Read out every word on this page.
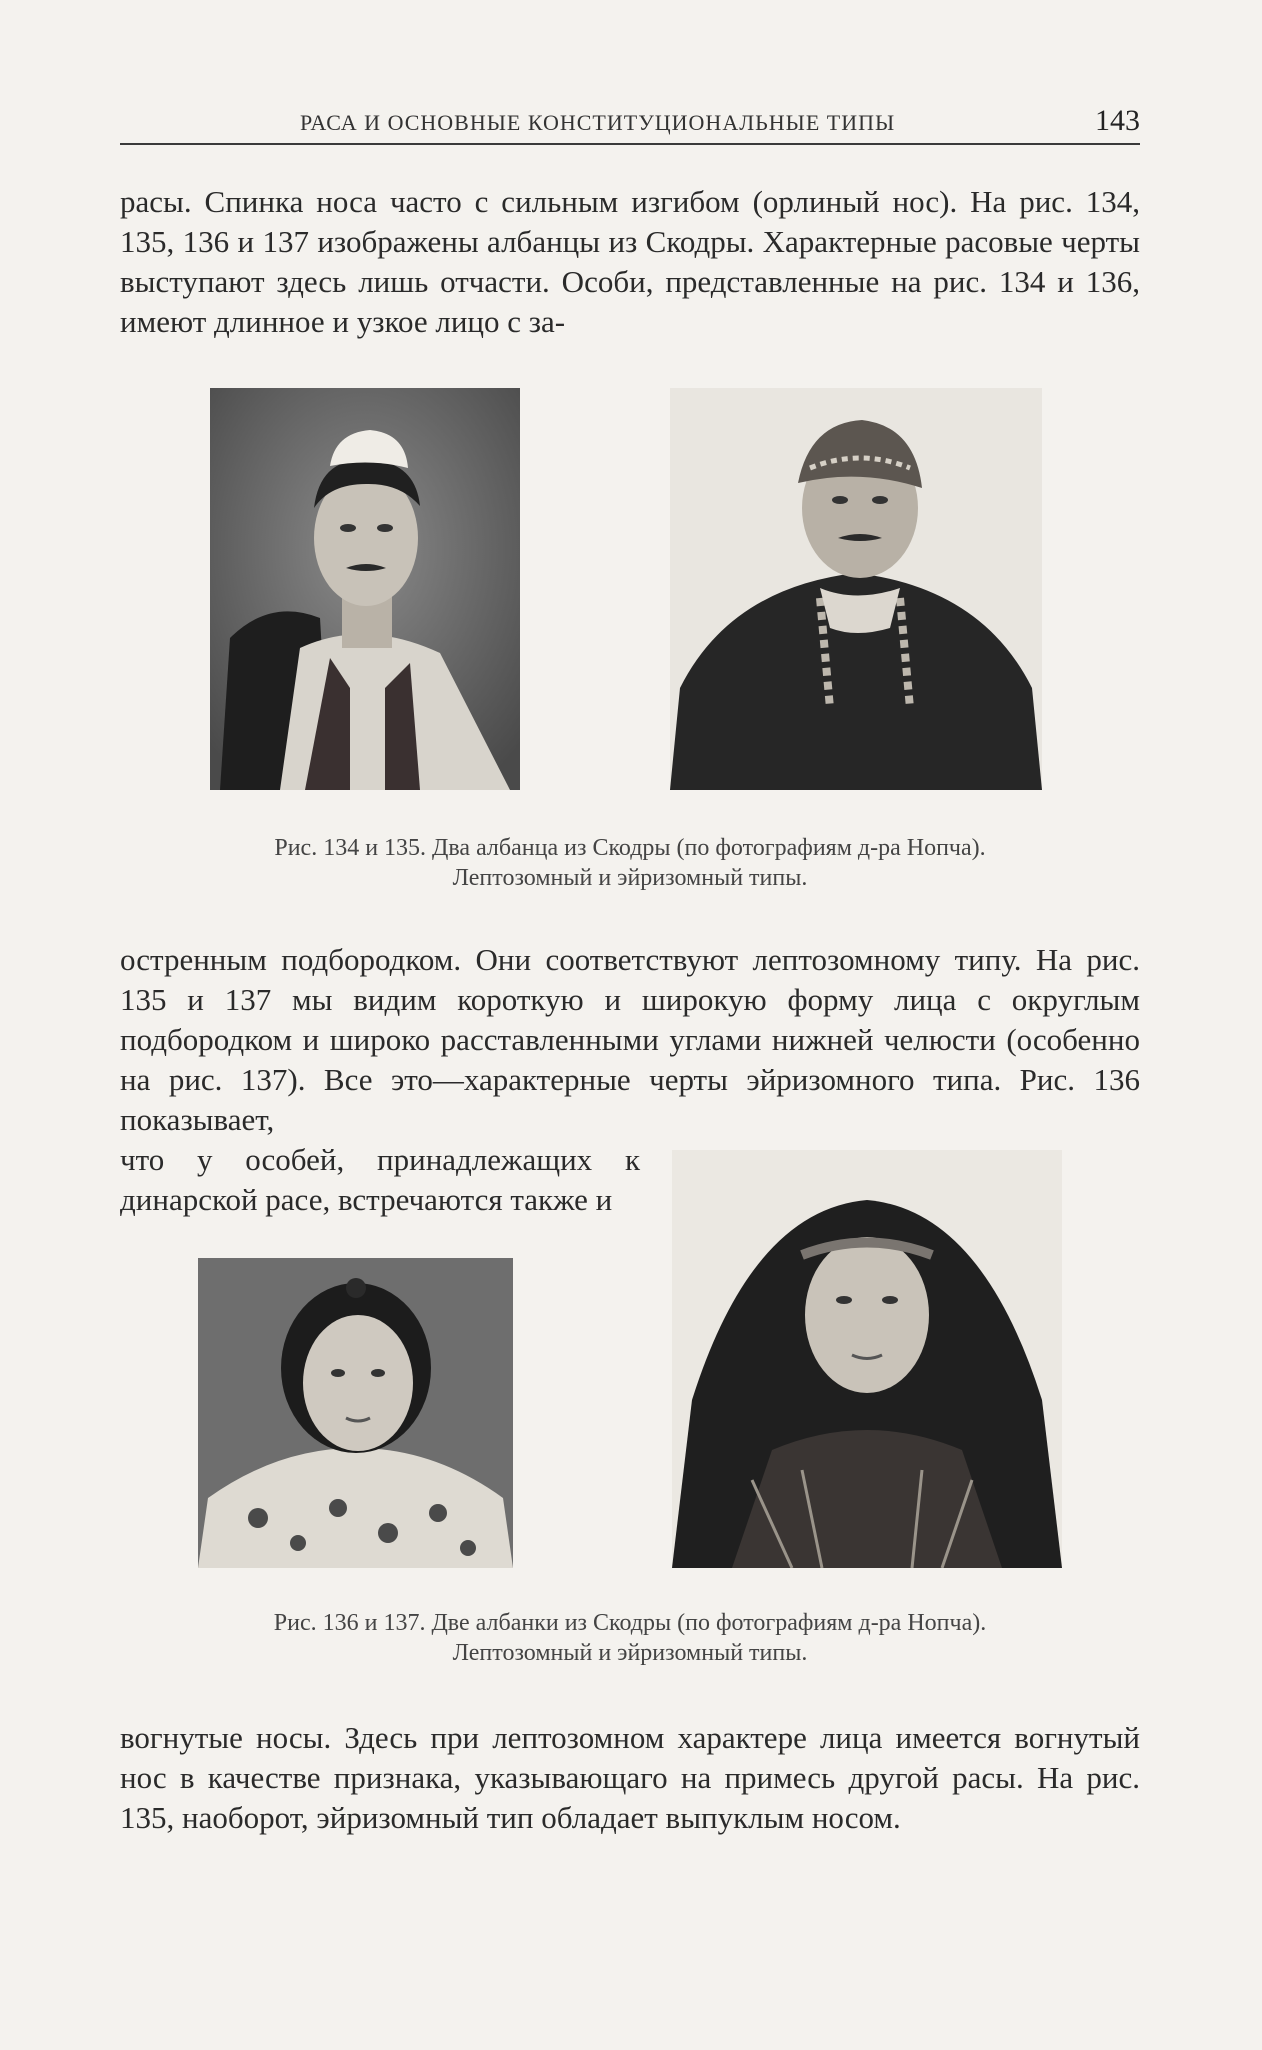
РАСА И ОСНОВНЫЕ КОНСТИТУЦИОНАЛЬНЫЕ ТИПЫ	143

расы. Спинка носа часто с сильным изгибом (орлиный нос). На рис. 134, 135, 136 и 137 изображены албанцы из Скодры. Характерные расовые черты выступают здесь лишь отчасти. Особи, представленные на рис. 134 и 136, имеют длинное и узкое лицо с за-

Рис. 134 и 135. Два албанца из Скодры (по фотографиям д-ра Нопча). Лептозомный и эйризомный типы.

остренным подбородком. Они соответствуют лептозомному типу. На рис. 135 и 137 мы видим короткую и широкую форму лица с округлым подбородком и широко расставленными углами нижней челюсти (особенно на рис. 137). Все это—характерные черты эйризомного типа. Рис. 136 показывает,

что у особей, принадлежащих к динарской расе, встречаются также и

Рис. 136 и 137. Две албанки из Скодры (по фотографиям д-ра Нопча). Лептозомный и эйризомный типы.

вогнутые носы. Здесь при лептозомном характере лица имеется вогнутый нос в качестве признака, указывающаго на примесь другой расы. На рис. 135, наоборот, эйризомный тип обладает выпуклым носом.
